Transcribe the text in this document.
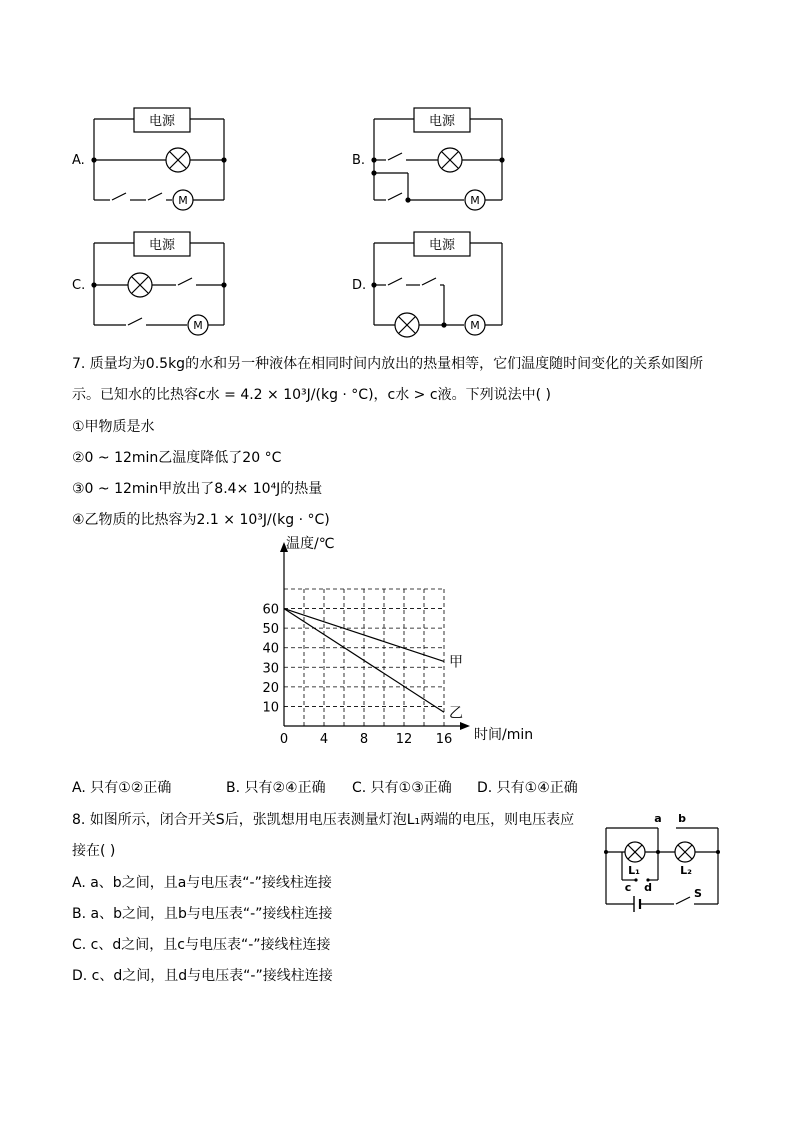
电源	电源
电源	电源
A.	B.
C.	D.
M	M
M	M
7. 质量均为0.5kg的水和另一种液体在相同时间内放出的热量相等，它们温度随时间变化的关系如图所
示。已知水的比热容c水 = 4.2 × 10³J/(kg · °C)，c水 > c液。下列说法中( )
①甲物质是水
②0 ~ 12min乙温度降低了20 °C
③0 ~ 12min甲放出了8.4× 10⁴J的热量
④乙物质的比热容为2.1 × 10³J/(kg · °C)
0 4 8 12 16
10
20
30
40
50
60
甲
乙
温度/℃
时间/min
A. 只有①②正确	B. 只有②④正确 C. 只有①③正确 D. 只有①④正确
8. 如图所示，闭合开关S后，张凯想用电压表测量灯泡L₁两端的电压，则电压表应
接在( )
A. a、b之间，且a与电压表“-”接线柱连接
B. a、b之间，且b与电压表“-”接线柱连接
C. c、d之间，且c与电压表“-”接线柱连接
D. c、d之间，且d与电压表“-”接线柱连接
a b
c d
L₁	L₂
S
